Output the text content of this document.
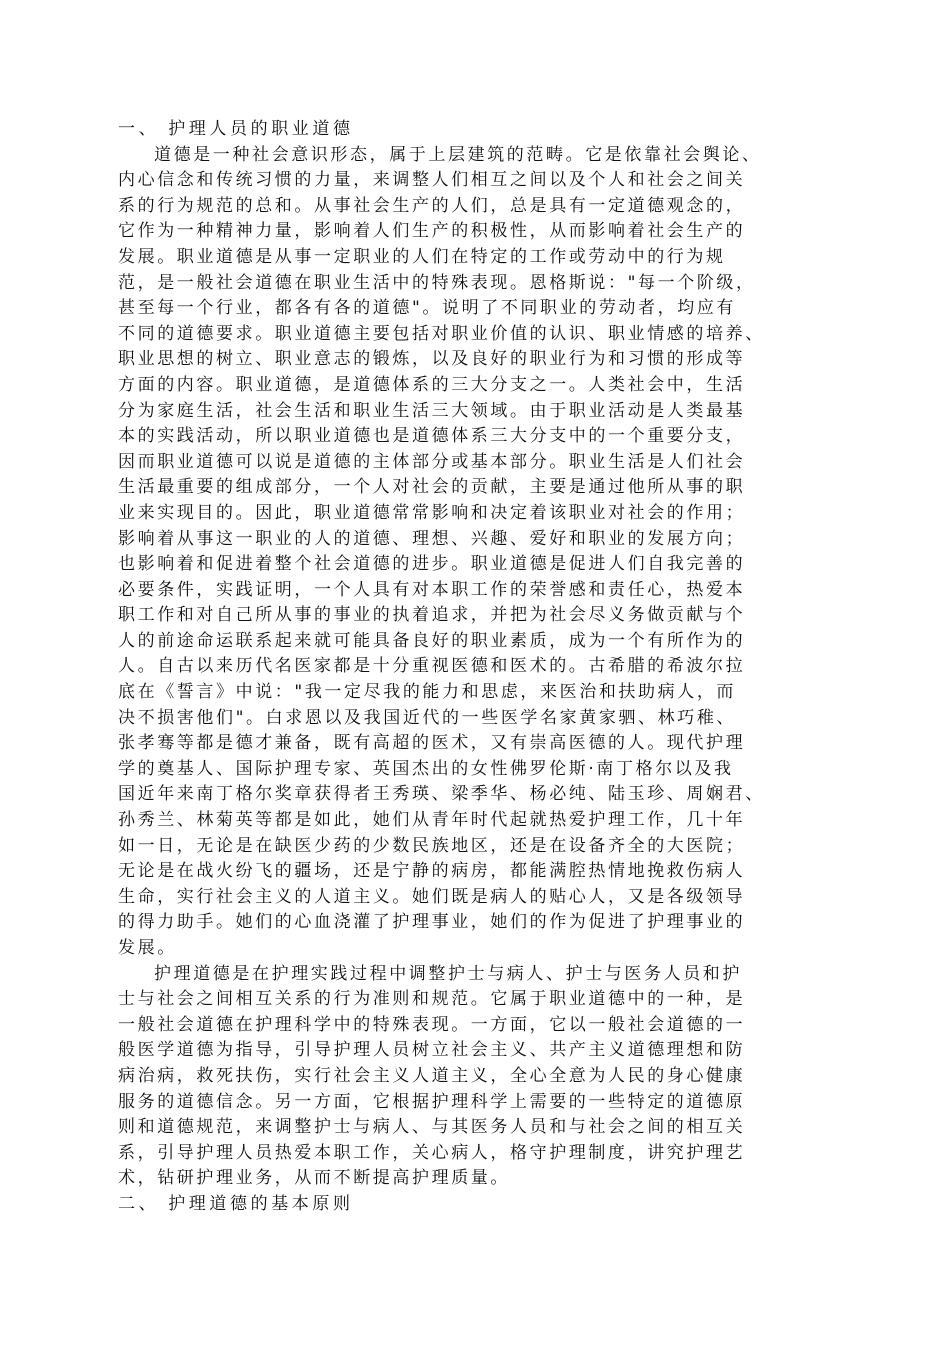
一、 护理人员的职业道德
道德是一种社会意识形态，属于上层建筑的范畴。它是依靠社会舆论、
内心信念和传统习惯的力量，来调整人们相互之间以及个人和社会之间关
系的行为规范的总和。从事社会生产的人们，总是具有一定道德观念的，
它作为一种精神力量，影响着人们生产的积极性，从而影响着社会生产的
发展。职业道德是从事一定职业的人们在特定的工作或劳动中的行为规
范，是一般社会道德在职业生活中的特殊表现。恩格斯说："每一个阶级，
甚至每一个行业，都各有各的道德"。说明了不同职业的劳动者，均应有
不同的道德要求。职业道德主要包括对职业价值的认识、职业情感的培养、
职业思想的树立、职业意志的锻炼，以及良好的职业行为和习惯的形成等
方面的内容。职业道德，是道德体系的三大分支之一。人类社会中，生活
分为家庭生活，社会生活和职业生活三大领域。由于职业活动是人类最基
本的实践活动，所以职业道德也是道德体系三大分支中的一个重要分支，
因而职业道德可以说是道德的主体部分或基本部分。职业生活是人们社会
生活最重要的组成部分，一个人对社会的贡献，主要是通过他所从事的职
业来实现目的。因此，职业道德常常影响和决定着该职业对社会的作用；
影响着从事这一职业的人的道德、理想、兴趣、爱好和职业的发展方向；
也影响着和促进着整个社会道德的进步。职业道德是促进人们自我完善的
必要条件，实践证明，一个人具有对本职工作的荣誉感和责任心，热爱本
职工作和对自己所从事的事业的执着追求，并把为社会尽义务做贡献与个
人的前途命运联系起来就可能具备良好的职业素质，成为一个有所作为的
人。自古以来历代名医家都是十分重视医德和医术的。古希腊的希波尔拉
底在《誓言》中说："我一定尽我的能力和思虑，来医治和扶助病人，而
决不损害他们"。白求恩以及我国近代的一些医学名家黄家驷、林巧稚、
张孝骞等都是德才兼备，既有高超的医术，又有崇高医德的人。现代护理
学的奠基人、国际护理专家、英国杰出的女性佛罗伦斯·南丁格尔以及我
国近年来南丁格尔奖章获得者王秀瑛、梁季华、杨必纯、陆玉珍、周娴君、
孙秀兰、林菊英等都是如此，她们从青年时代起就热爱护理工作，几十年
如一日，无论是在缺医少药的少数民族地区，还是在设备齐全的大医院；
无论是在战火纷飞的疆场，还是宁静的病房，都能满腔热情地挽救伤病人
生命，实行社会主义的人道主义。她们既是病人的贴心人，又是各级领导
的得力助手。她们的心血浇灌了护理事业，她们的作为促进了护理事业的
发展。
护理道德是在护理实践过程中调整护士与病人、护士与医务人员和护
士与社会之间相互关系的行为准则和规范。它属于职业道德中的一种，是
一般社会道德在护理科学中的特殊表现。一方面，它以一般社会道德的一
般医学道德为指导，引导护理人员树立社会主义、共产主义道德理想和防
病治病，救死扶伤，实行社会主义人道主义，全心全意为人民的身心健康
服务的道德信念。另一方面，它根据护理科学上需要的一些特定的道德原
则和道德规范，来调整护士与病人、与其医务人员和与社会之间的相互关
系，引导护理人员热爱本职工作，关心病人，格守护理制度，讲究护理艺
术，钻研护理业务，从而不断提高护理质量。
二、 护理道德的基本原则
